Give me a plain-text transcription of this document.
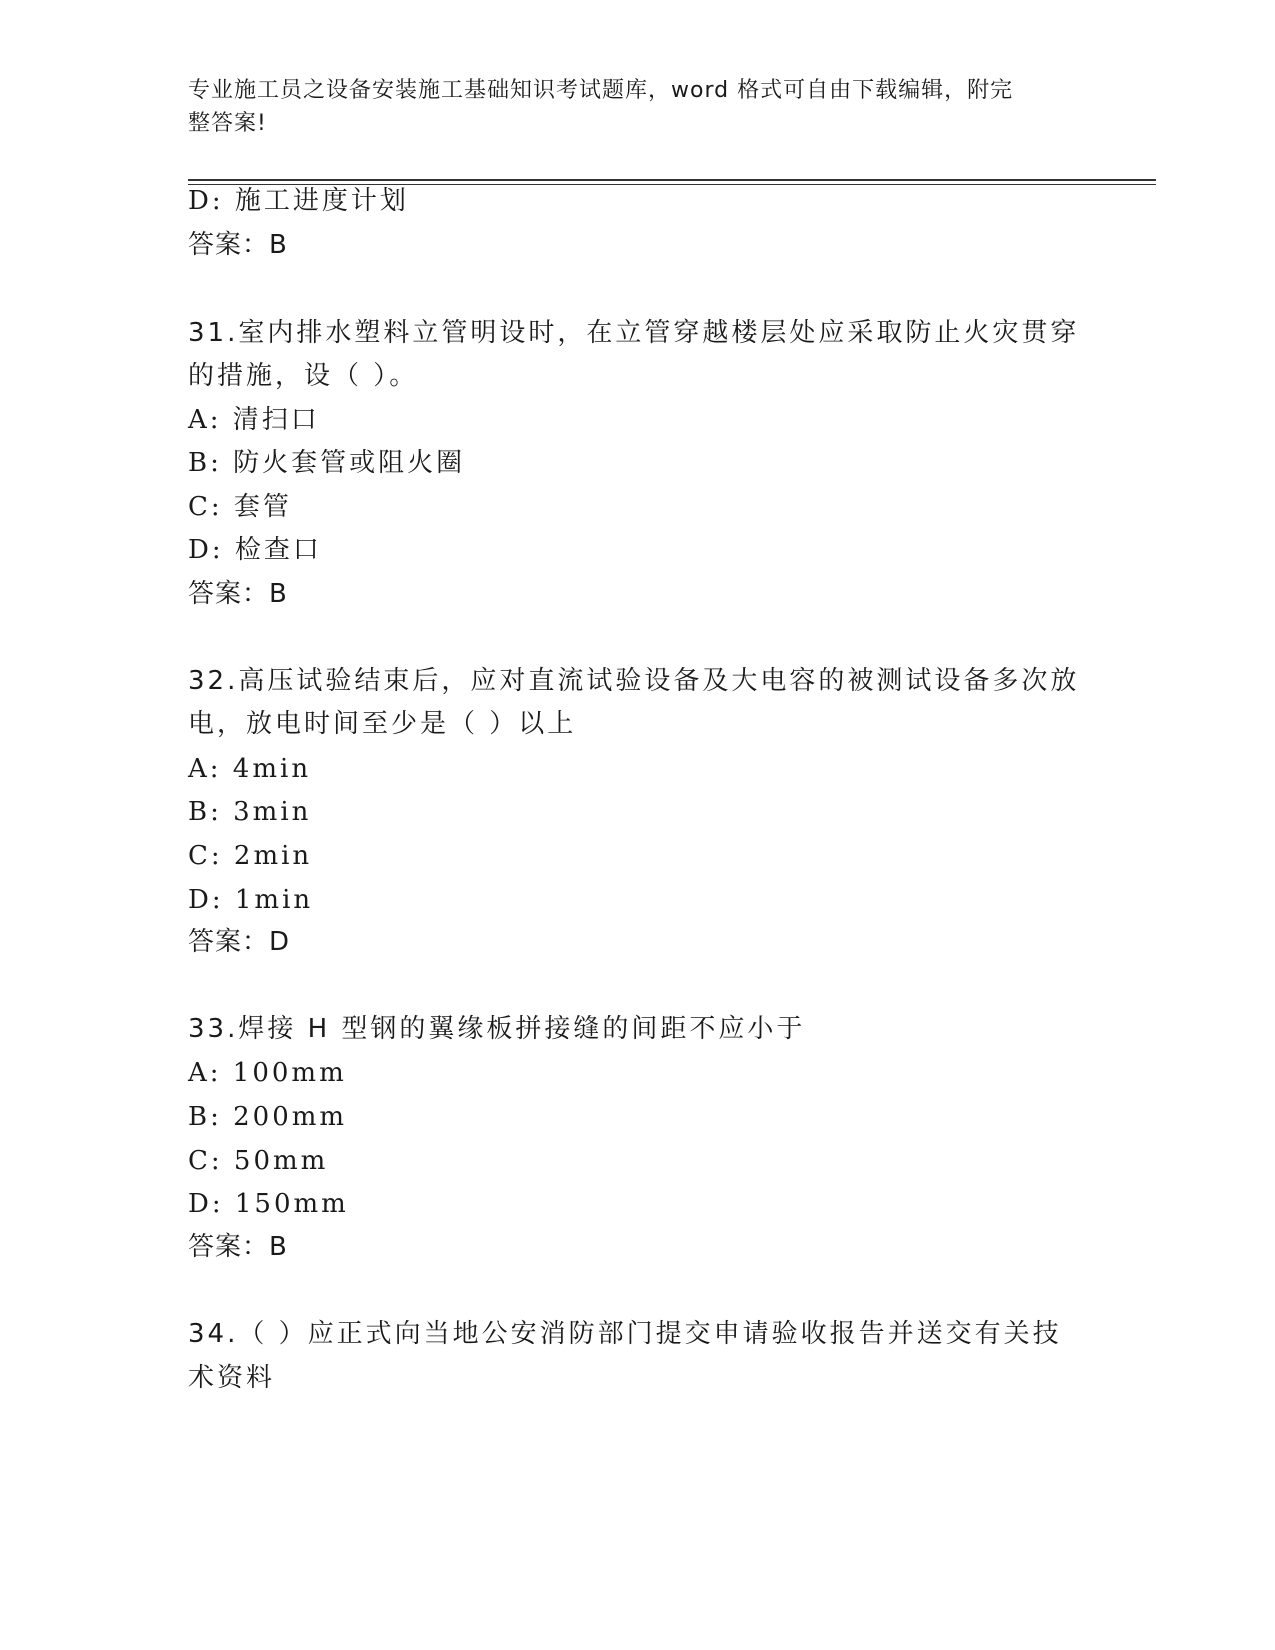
专业施工员之设备安装施工基础知识考试题库，word 格式可自由下载编辑，附完
整答案!
D: 施工进度计划
答案：B
31.室内排水塑料立管明设时，在立管穿越楼层处应采取防止火灾贯穿
的措施，设（ ）。
A: 清扫口
B: 防火套管或阻火圈
C: 套管
D: 检查口
答案：B
32.高压试验结束后，应对直流试验设备及大电容的被测试设备多次放
电，放电时间至少是（ ）以上
A: 4min
B: 3min
C: 2min
D: 1min
答案：D
33.焊接 H 型钢的翼缘板拼接缝的间距不应小于
A: 100mm
B: 200mm
C: 50mm
D: 150mm
答案：B
34.（ ）应正式向当地公安消防部门提交申请验收报告并送交有关技
术资料
